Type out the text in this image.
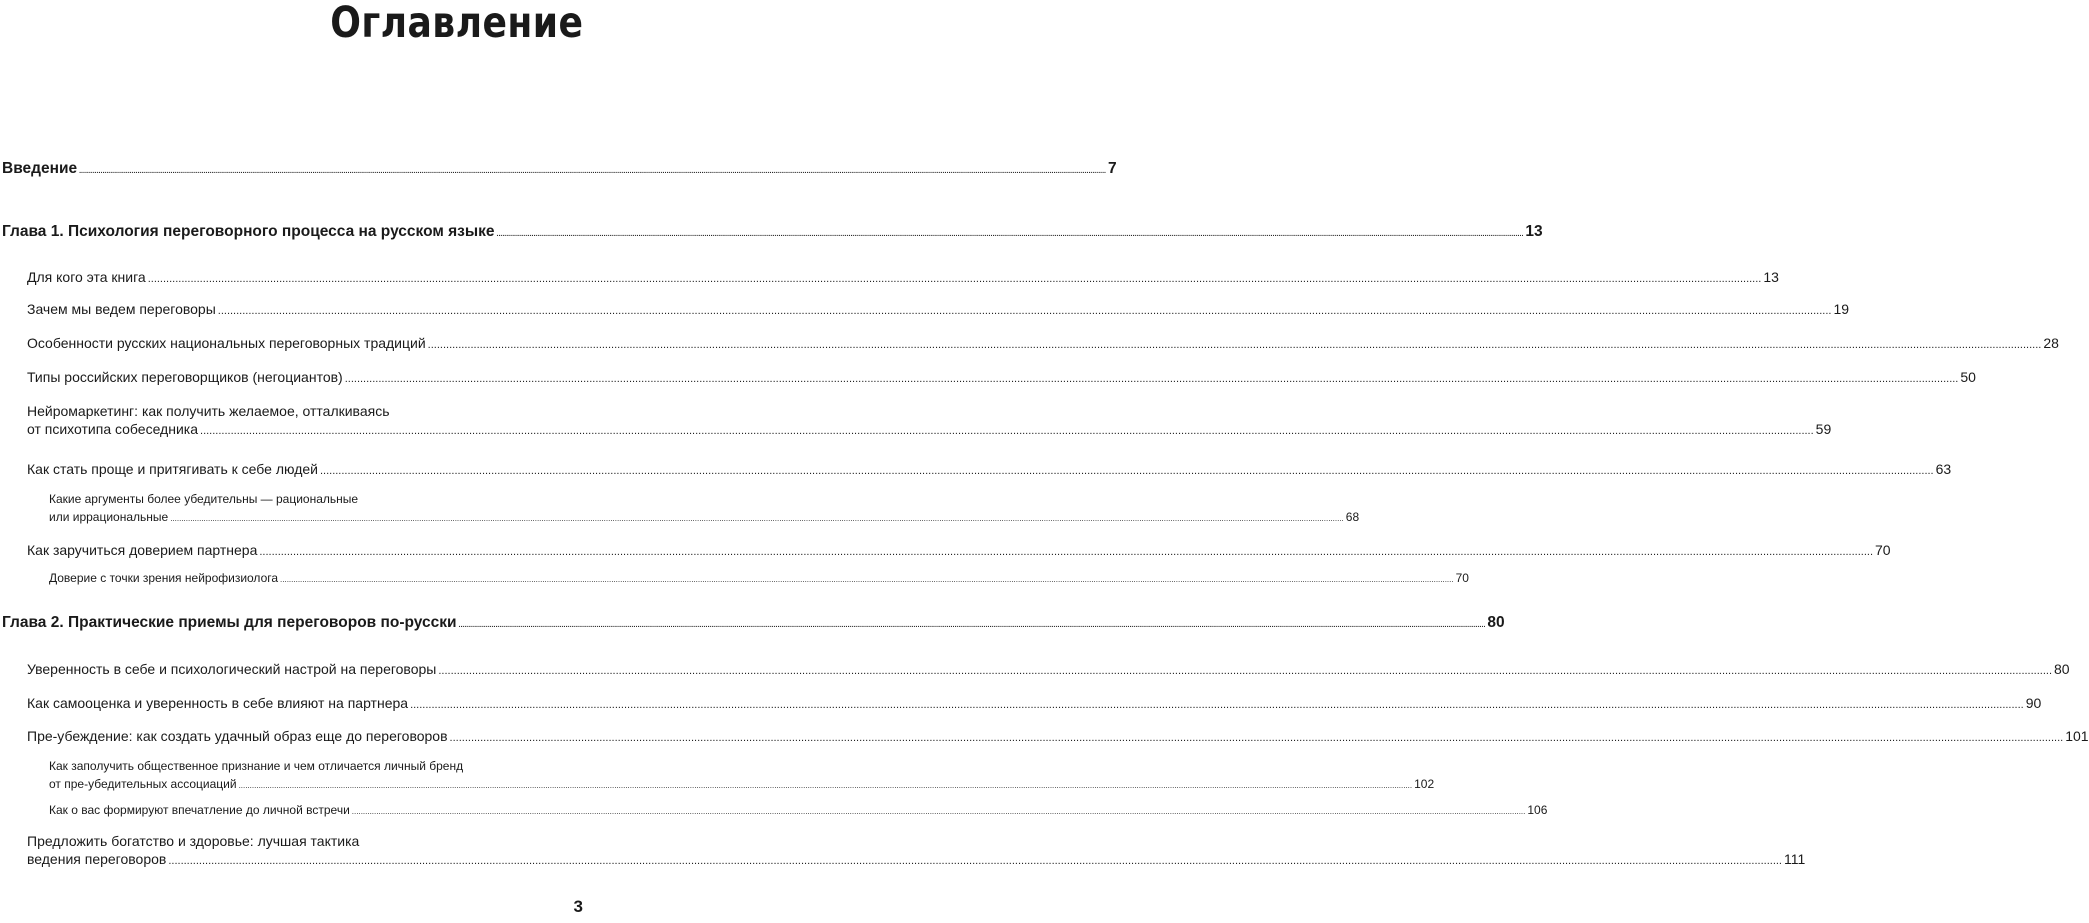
Оглавление
Введение ................................................................................................................................................................................................................................................................................................................................................................................................................................................................................................................................................ 7
Глава 1. Психология переговорного процесса на русском языке ................................................................................................................................................................................................................................................................................................................................................................................................................................................................................................................................................ 13
Для кого эта книга ................................................................................................................................................................................................................................................................................................................................................................................................................................................................................................................................................ 13
Зачем мы ведем переговоры ................................................................................................................................................................................................................................................................................................................................................................................................................................................................................................................................................ 19
Особенности русских национальных переговорных традиций ................................................................................................................................................................................................................................................................................................................................................................................................................................................................................................................................................ 28
Типы российских переговорщиков (негоциантов) ................................................................................................................................................................................................................................................................................................................................................................................................................................................................................................................................................ 50
Нейромаркетинг: как получить желаемое, отталкиваясь
от психотипа собеседника ................................................................................................................................................................................................................................................................................................................................................................................................................................................................................................................................................ 59
Как стать проще и притягивать к себе людей ................................................................................................................................................................................................................................................................................................................................................................................................................................................................................................................................................ 63
Какие аргументы более убедительны — рациональные
или иррациональные ................................................................................................................................................................................................................................................................................................................................................................................................................................................................................................................................................ 68
Как заручиться доверием партнера ................................................................................................................................................................................................................................................................................................................................................................................................................................................................................................................................................ 70
Доверие с точки зрения нейрофизиолога ................................................................................................................................................................................................................................................................................................................................................................................................................................................................................................................................................ 70
Глава 2. Практические приемы для переговоров по-русски ................................................................................................................................................................................................................................................................................................................................................................................................................................................................................................................................................ 80
Уверенность в себе и психологический настрой на переговоры ................................................................................................................................................................................................................................................................................................................................................................................................................................................................................................................................................ 80
Как самооценка и уверенность в себе влияют на партнера ................................................................................................................................................................................................................................................................................................................................................................................................................................................................................................................................................ 90
Пре-убеждение: как создать удачный образ еще до переговоров ................................................................................................................................................................................................................................................................................................................................................................................................................................................................................................................................................ 101
Как заполучить общественное признание и чем отличается личный бренд
от пре-убедительных ассоциаций ................................................................................................................................................................................................................................................................................................................................................................................................................................................................................................................................................ 102
Как о вас формируют впечатление до личной встречи ................................................................................................................................................................................................................................................................................................................................................................................................................................................................................................................................................ 106
Предложить богатство и здоровье: лучшая тактика
ведения переговоров ................................................................................................................................................................................................................................................................................................................................................................................................................................................................................................................................................ 111
3
